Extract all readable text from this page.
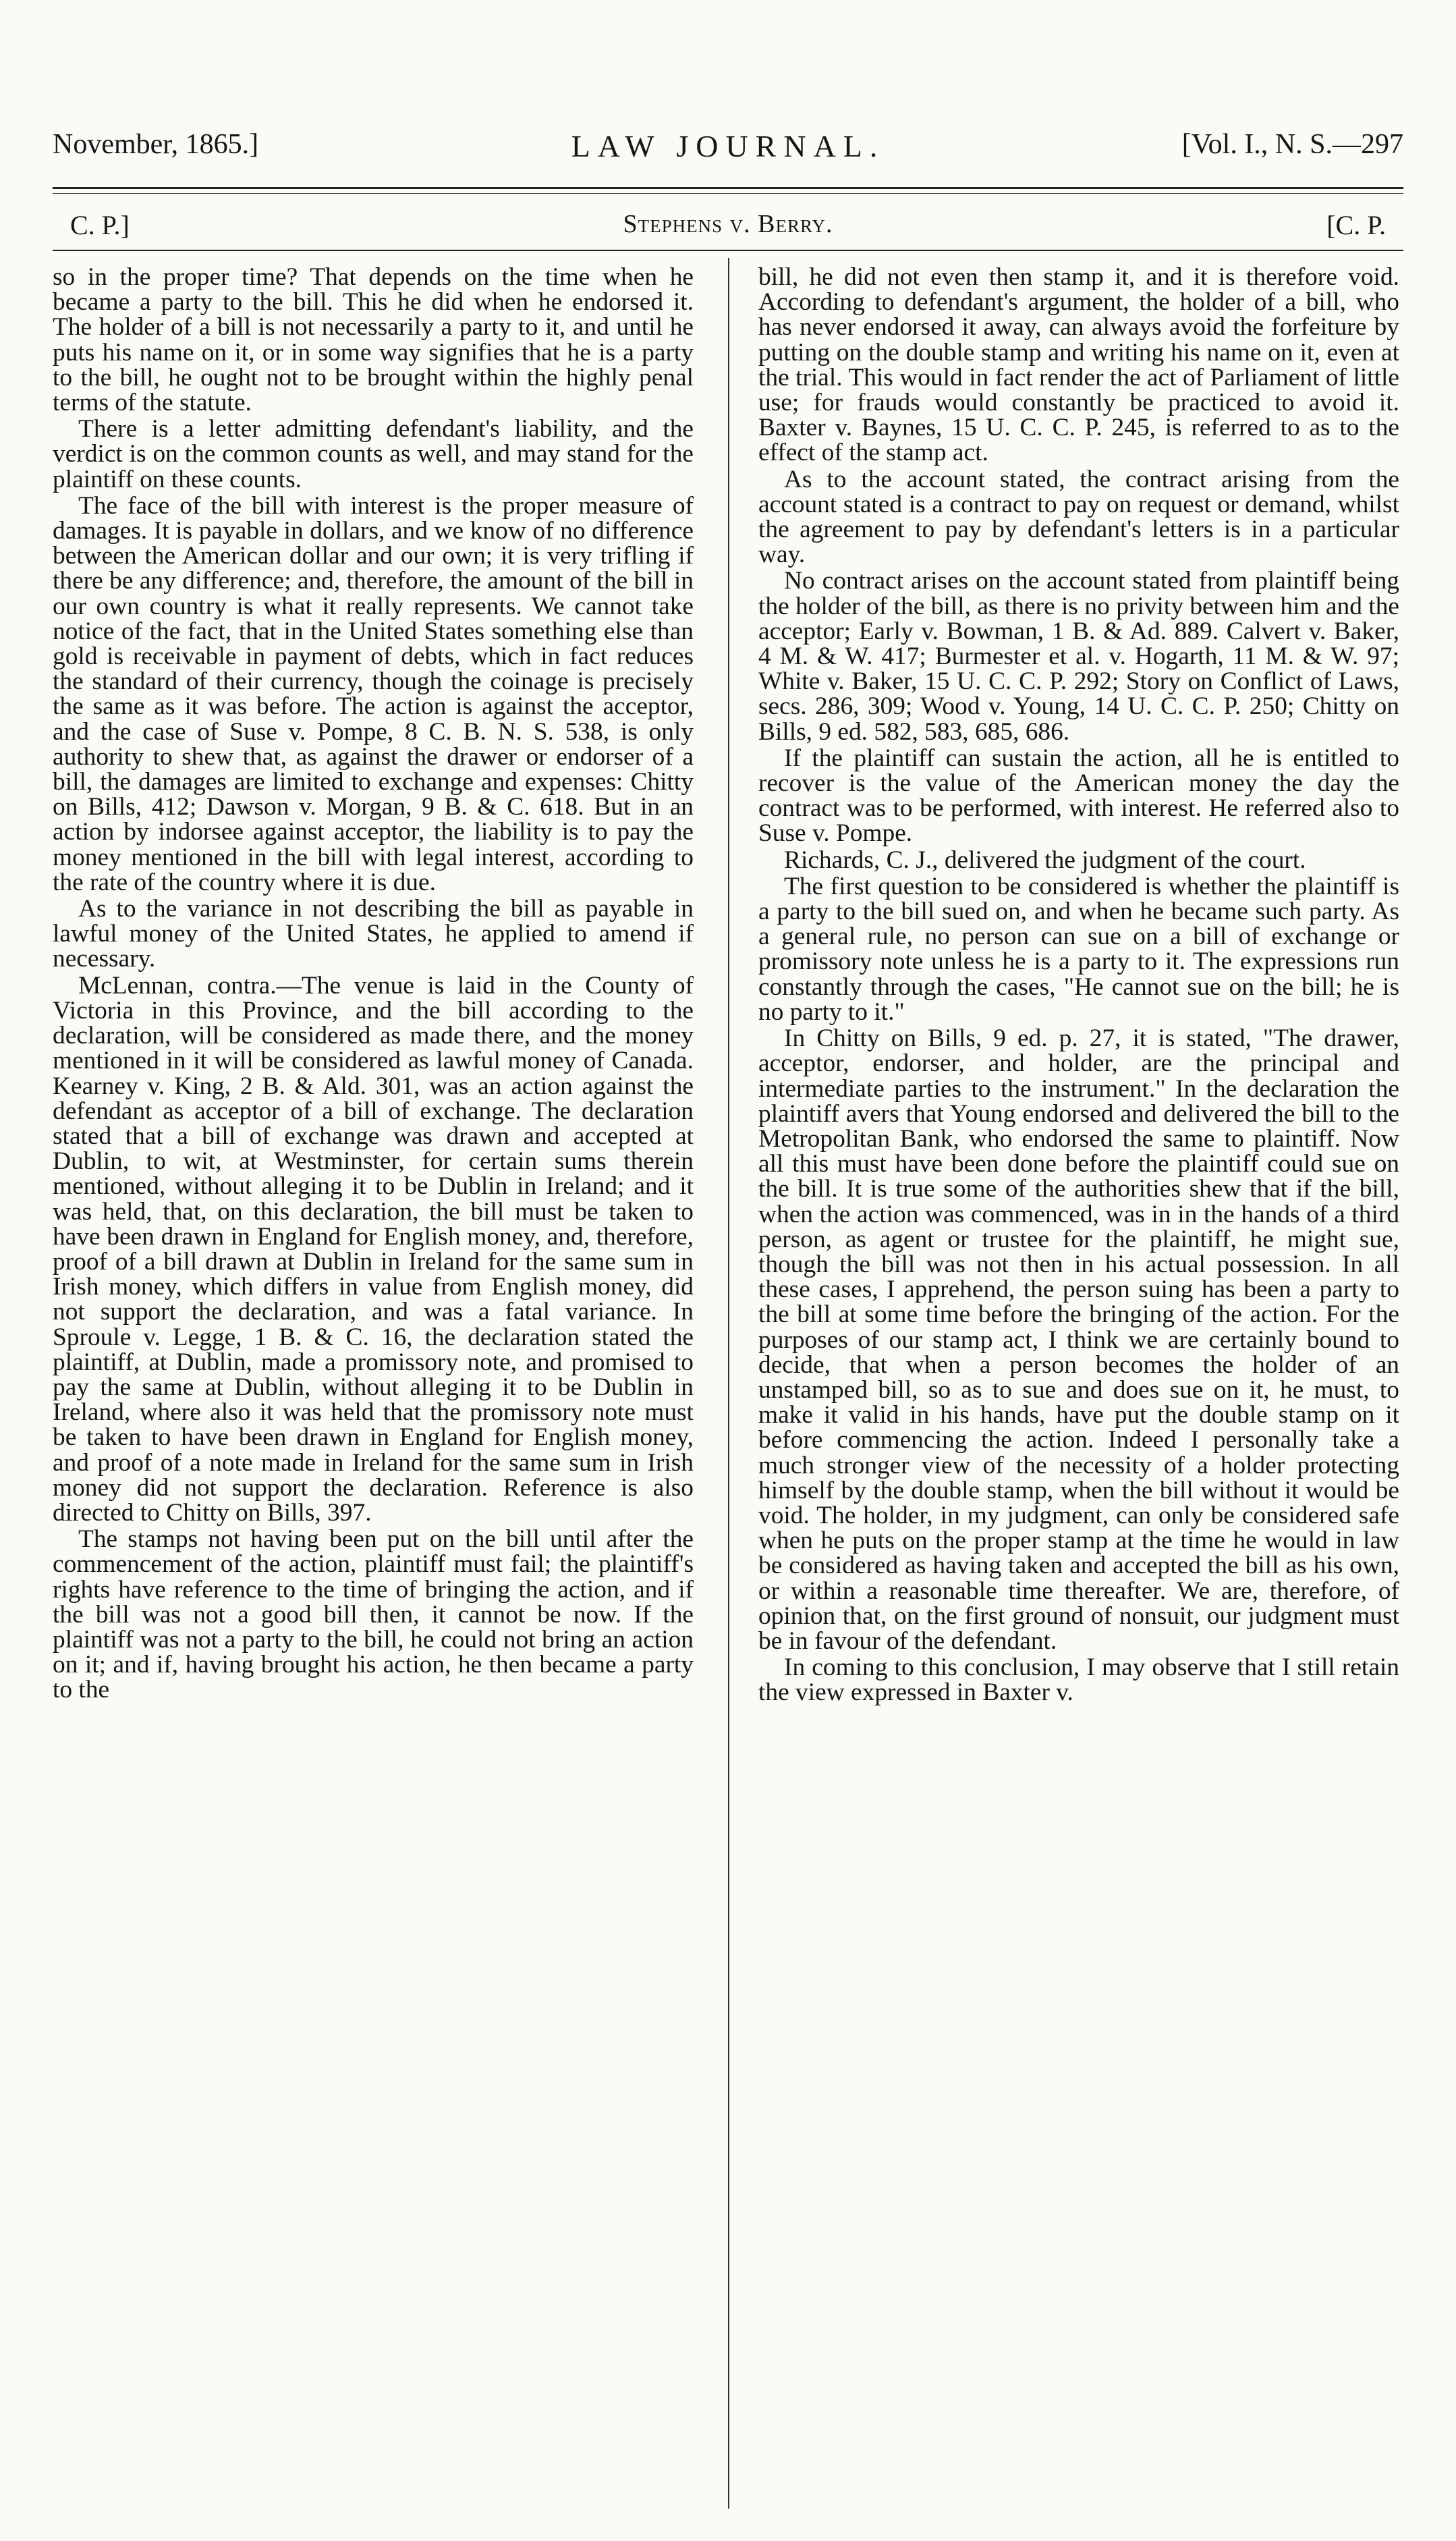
November, 1865.]	LAW JOURNAL.	[Vol. I., N. S.—297
C. P.]	Stephens v. Berry.	[C. P.

so in the proper time? That depends on the time when he became a party to the bill. This he did when he endorsed it. The holder of a bill is not necessarily a party to it, and until he puts his name on it, or in some way signifies that he is a party to the bill, he ought not to be brought within the highly penal terms of the statute.

There is a letter admitting defendant's liability, and the verdict is on the common counts as well, and may stand for the plaintiff on these counts.

The face of the bill with interest is the proper measure of damages. It is payable in dollars, and we know of no difference between the American dollar and our own; it is very trifling if there be any difference; and, therefore, the amount of the bill in our own country is what it really represents. We cannot take notice of the fact, that in the United States something else than gold is receivable in payment of debts, which in fact reduces the standard of their currency, though the coinage is precisely the same as it was before. The action is against the acceptor, and the case of Suse v. Pompe, 8 C. B. N. S. 538, is only authority to shew that, as against the drawer or endorser of a bill, the damages are limited to exchange and expenses: Chitty on Bills, 412; Dawson v. Morgan, 9 B. & C. 618. But in an action by indorsee against acceptor, the liability is to pay the money mentioned in the bill with legal interest, according to the rate of the country where it is due.

As to the variance in not describing the bill as payable in lawful money of the United States, he applied to amend if necessary.

McLennan, contra.—The venue is laid in the County of Victoria in this Province, and the bill according to the declaration, will be considered as made there, and the money mentioned in it will be considered as lawful money of Canada. Kearney v. King, 2 B. & Ald. 301, was an action against the defendant as acceptor of a bill of exchange. The declaration stated that a bill of exchange was drawn and accepted at Dublin, to wit, at Westminster, for certain sums therein mentioned, without alleging it to be Dublin in Ireland; and it was held, that, on this declaration, the bill must be taken to have been drawn in England for English money, and, therefore, proof of a bill drawn at Dublin in Ireland for the same sum in Irish money, which differs in value from English money, did not support the declaration, and was a fatal variance. In Sproule v. Legge, 1 B. & C. 16, the declaration stated the plaintiff, at Dublin, made a promissory note, and promised to pay the same at Dublin, without alleging it to be Dublin in Ireland, where also it was held that the promissory note must be taken to have been drawn in England for English money, and proof of a note made in Ireland for the same sum in Irish money did not support the declaration. Reference is also directed to Chitty on Bills, 397.

The stamps not having been put on the bill until after the commencement of the action, plaintiff must fail; the plaintiff's rights have reference to the time of bringing the action, and if the bill was not a good bill then, it cannot be now. If the plaintiff was not a party to the bill, he could not bring an action on it; and if, having brought his action, he then became a party to the

bill, he did not even then stamp it, and it is therefore void. According to defendant's argument, the holder of a bill, who has never endorsed it away, can always avoid the forfeiture by putting on the double stamp and writing his name on it, even at the trial. This would in fact render the act of Parliament of little use; for frauds would constantly be practiced to avoid it. Baxter v. Baynes, 15 U. C. C. P. 245, is referred to as to the effect of the stamp act.

As to the account stated, the contract arising from the account stated is a contract to pay on request or demand, whilst the agreement to pay by defendant's letters is in a particular way.

No contract arises on the account stated from plaintiff being the holder of the bill, as there is no privity between him and the acceptor; Early v. Bowman, 1 B. & Ad. 889. Calvert v. Baker, 4 M. & W. 417; Burmester et al. v. Hogarth, 11 M. & W. 97; White v. Baker, 15 U. C. C. P. 292; Story on Conflict of Laws, secs. 286, 309; Wood v. Young, 14 U. C. C. P. 250; Chitty on Bills, 9 ed. 582, 583, 685, 686.

If the plaintiff can sustain the action, all he is entitled to recover is the value of the American money the day the contract was to be performed, with interest. He referred also to Suse v. Pompe.

Richards, C. J., delivered the judgment of the court.

The first question to be considered is whether the plaintiff is a party to the bill sued on, and when he became such party. As a general rule, no person can sue on a bill of exchange or promissory note unless he is a party to it. The expressions run constantly through the cases, "He cannot sue on the bill; he is no party to it."

In Chitty on Bills, 9 ed. p. 27, it is stated, "The drawer, acceptor, endorser, and holder, are the principal and intermediate parties to the instrument." In the declaration the plaintiff avers that Young endorsed and delivered the bill to the Metropolitan Bank, who endorsed the same to plaintiff. Now all this must have been done before the plaintiff could sue on the bill. It is true some of the authorities shew that if the bill, when the action was commenced, was in in the hands of a third person, as agent or trustee for the plaintiff, he might sue, though the bill was not then in his actual possession. In all these cases, I apprehend, the person suing has been a party to the bill at some time before the bringing of the action. For the purposes of our stamp act, I think we are certainly bound to decide, that when a person becomes the holder of an unstamped bill, so as to sue and does sue on it, he must, to make it valid in his hands, have put the double stamp on it before commencing the action. Indeed I personally take a much stronger view of the necessity of a holder protecting himself by the double stamp, when the bill without it would be void. The holder, in my judgment, can only be considered safe when he puts on the proper stamp at the time he would in law be considered as having taken and accepted the bill as his own, or within a reasonable time thereafter. We are, therefore, of opinion that, on the first ground of nonsuit, our judgment must be in favour of the defendant.

In coming to this conclusion, I may observe that I still retain the view expressed in Baxter v.
